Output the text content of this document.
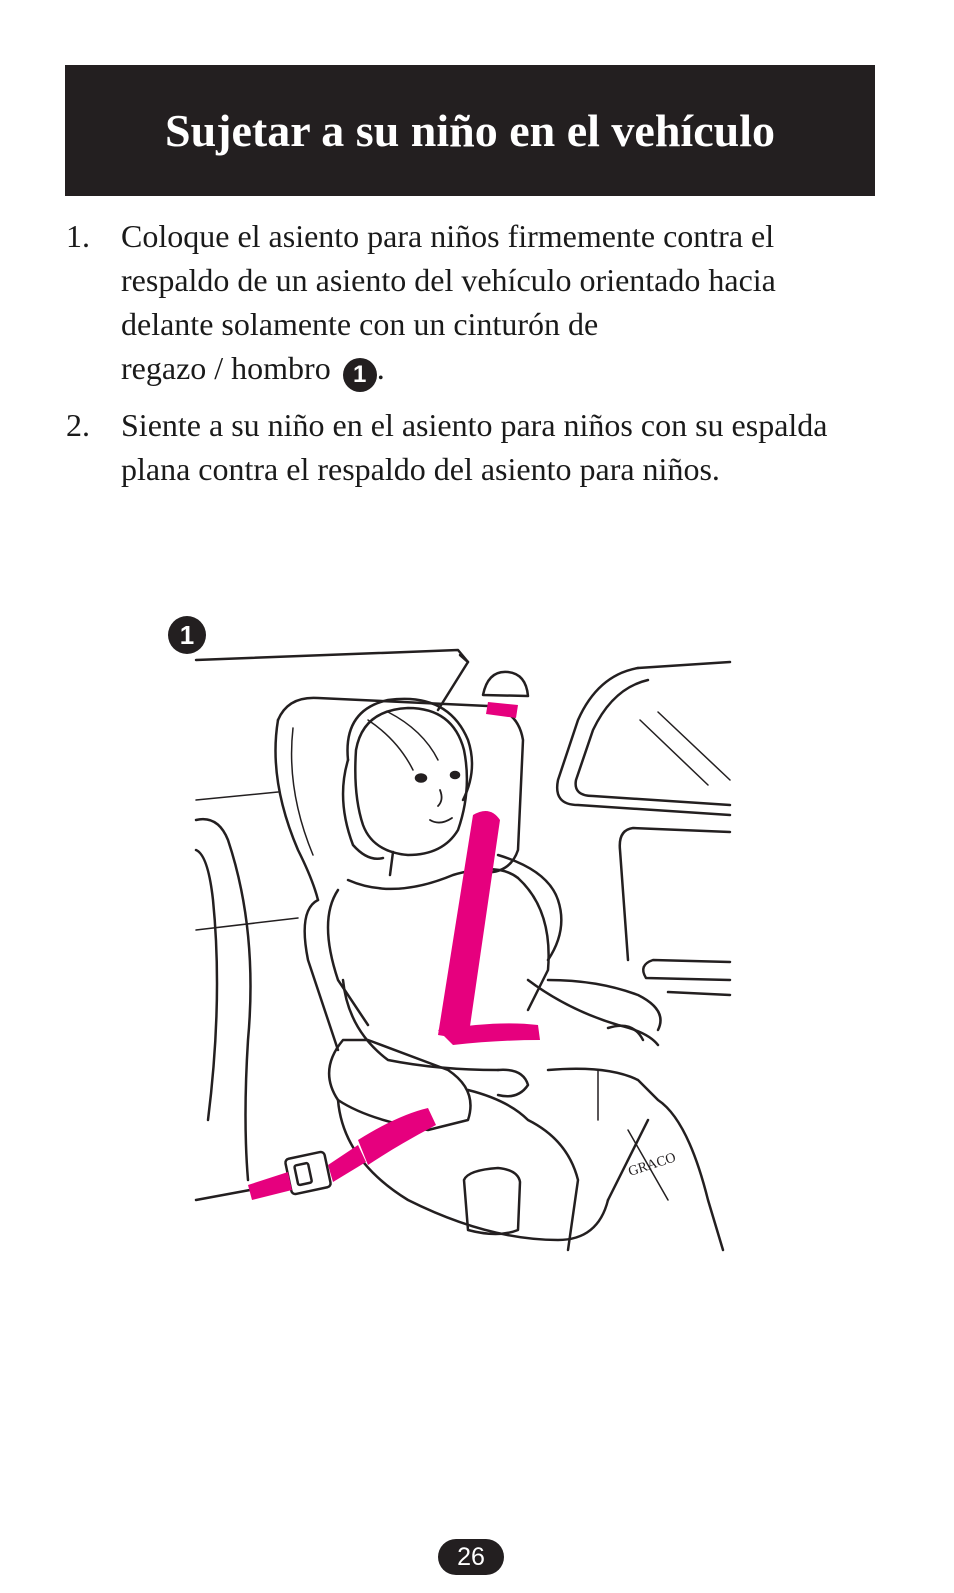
Sujetar a su niño en el vehículo
1. Coloque el asiento para niños firmemente contra el respaldo de un asiento del vehículo orientado hacia delante solamente con un cinturón de
regazo / hombro 1 .
2. Siente a su niño en el asiento para niños con su espalda plana contra el respaldo del asiento para niños.
GRACO
1
26
